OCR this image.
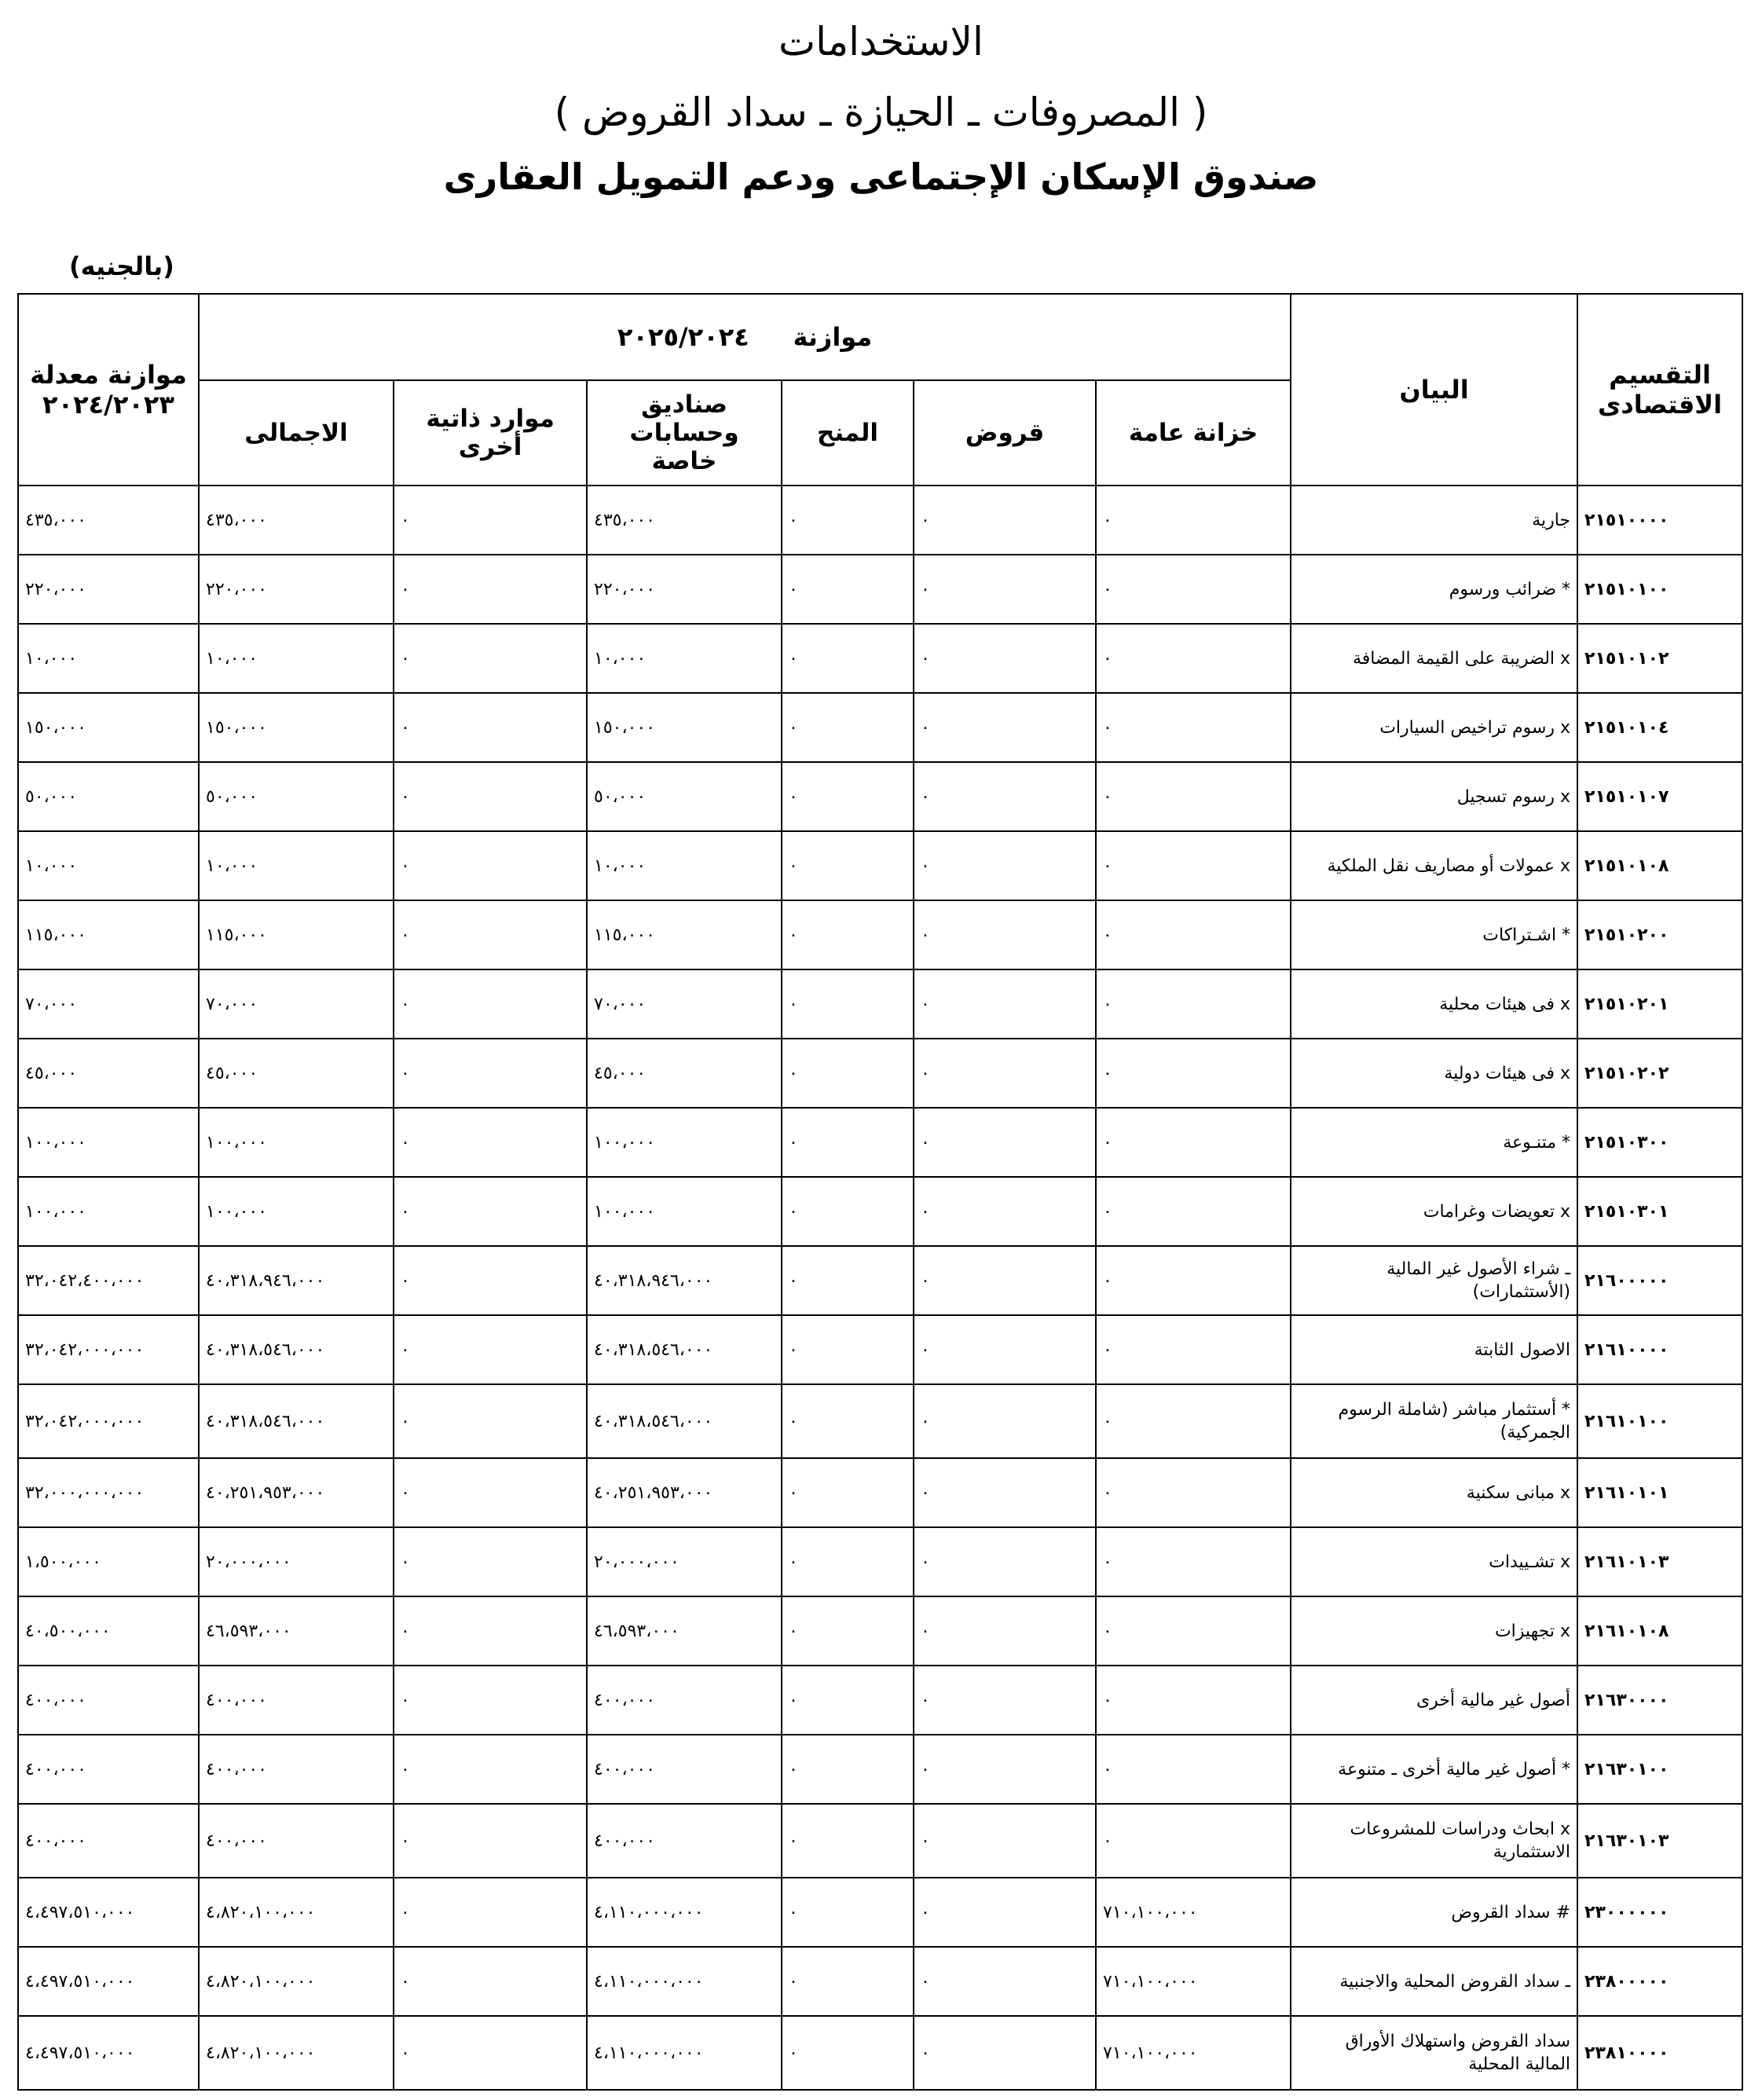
الاستخدامات
( المصروفات ـ الحيازة ـ سداد القروض )
صندوق الإسكان الإجتماعى ودعم التمويل العقارى
(بالجنيه)
التقسيم الاقتصادى	البيان	موازنة     ٢٠٢٥/٢٠٢٤						موازنة معدلة ٢٠٢٤/٢٠٢٣
		خزانة عامة	قروض	المنح	صناديق وحسابات خاصة	موارد ذاتية أخرى	الاجمالى	
٢١٥١٠٠٠٠	جارية	٠	٠	٠	٤٣٥،٠٠٠	٠	٤٣٥،٠٠٠	٤٣٥،٠٠٠
٢١٥١٠١٠٠	* ضرائب ورسوم	٠	٠	٠	٢٢٠،٠٠٠	٠	٢٢٠،٠٠٠	٢٢٠،٠٠٠
٢١٥١٠١٠٢	x الضريبة على القيمة المضافة	٠	٠	٠	١٠،٠٠٠	٠	١٠،٠٠٠	١٠،٠٠٠
٢١٥١٠١٠٤	x رسوم تراخيص السيارات	٠	٠	٠	١٥٠،٠٠٠	٠	١٥٠،٠٠٠	١٥٠،٠٠٠
٢١٥١٠١٠٧	x رسوم تسجيل	٠	٠	٠	٥٠،٠٠٠	٠	٥٠،٠٠٠	٥٠،٠٠٠
٢١٥١٠١٠٨	x عمولات أو مصاريف نقل الملكية	٠	٠	٠	١٠،٠٠٠	٠	١٠،٠٠٠	١٠،٠٠٠
٢١٥١٠٢٠٠	* اشـتراكات	٠	٠	٠	١١٥،٠٠٠	٠	١١٥،٠٠٠	١١٥،٠٠٠
٢١٥١٠٢٠١	x فى هيئات محلية	٠	٠	٠	٧٠،٠٠٠	٠	٧٠،٠٠٠	٧٠،٠٠٠
٢١٥١٠٢٠٢	x فى هيئات دولية	٠	٠	٠	٤٥،٠٠٠	٠	٤٥،٠٠٠	٤٥،٠٠٠
٢١٥١٠٣٠٠	* متنـوعة	٠	٠	٠	١٠٠،٠٠٠	٠	١٠٠،٠٠٠	١٠٠،٠٠٠
٢١٥١٠٣٠١	x تعويضات وغرامات	٠	٠	٠	١٠٠،٠٠٠	٠	١٠٠،٠٠٠	١٠٠،٠٠٠
٢١٦٠٠٠٠٠	ـ شراء الأصول غير المالية (الأستثمارات)	٠	٠	٠	٤٠،٣١٨،٩٤٦،٠٠٠	٠	٤٠،٣١٨،٩٤٦،٠٠٠	٣٢،٠٤٢،٤٠٠،٠٠٠
٢١٦١٠٠٠٠	الاصول الثابتة	٠	٠	٠	٤٠،٣١٨،٥٤٦،٠٠٠	٠	٤٠،٣١٨،٥٤٦،٠٠٠	٣٢،٠٤٢،٠٠٠،٠٠٠
٢١٦١٠١٠٠	* أستثمار مباشر (شاملة الرسوم الجمركية)	٠	٠	٠	٤٠،٣١٨،٥٤٦،٠٠٠	٠	٤٠،٣١٨،٥٤٦،٠٠٠	٣٢،٠٤٢،٠٠٠،٠٠٠
٢١٦١٠١٠١	x مبانى سكنية	٠	٠	٠	٤٠،٢٥١،٩٥٣،٠٠٠	٠	٤٠،٢٥١،٩٥٣،٠٠٠	٣٢،٠٠٠،٠٠٠،٠٠٠
٢١٦١٠١٠٣	x تشـييدات	٠	٠	٠	٢٠،٠٠٠،٠٠٠	٠	٢٠،٠٠٠،٠٠٠	١،٥٠٠،٠٠٠
٢١٦١٠١٠٨	x تجهيزات	٠	٠	٠	٤٦،٥٩٣،٠٠٠	٠	٤٦،٥٩٣،٠٠٠	٤٠،٥٠٠،٠٠٠
٢١٦٣٠٠٠٠	أصول غير مالية أخرى	٠	٠	٠	٤٠٠،٠٠٠	٠	٤٠٠،٠٠٠	٤٠٠،٠٠٠
٢١٦٣٠١٠٠	* أصول غير مالية أخرى ـ متنوعة	٠	٠	٠	٤٠٠،٠٠٠	٠	٤٠٠،٠٠٠	٤٠٠،٠٠٠
٢١٦٣٠١٠٣	x ابحاث ودراسات للمشروعات الاستثمارية	٠	٠	٠	٤٠٠،٠٠٠	٠	٤٠٠،٠٠٠	٤٠٠،٠٠٠
٢٣٠٠٠٠٠٠	# سداد القروض	٧١٠،١٠٠،٠٠٠	٠	٠	٤،١١٠،٠٠٠،٠٠٠	٠	٤،٨٢٠،١٠٠،٠٠٠	٤،٤٩٧،٥١٠،٠٠٠
٢٣٨٠٠٠٠٠	ـ سداد القروض المحلية والاجنبية	٧١٠،١٠٠،٠٠٠	٠	٠	٤،١١٠،٠٠٠،٠٠٠	٠	٤،٨٢٠،١٠٠،٠٠٠	٤،٤٩٧،٥١٠،٠٠٠
٢٣٨١٠٠٠٠	سداد القروض واستهلاك الأوراق المالية المحلية	٧١٠،١٠٠،٠٠٠	٠	٠	٤،١١٠،٠٠٠،٠٠٠	٠	٤،٨٢٠،١٠٠،٠٠٠	٤،٤٩٧،٥١٠،٠٠٠
